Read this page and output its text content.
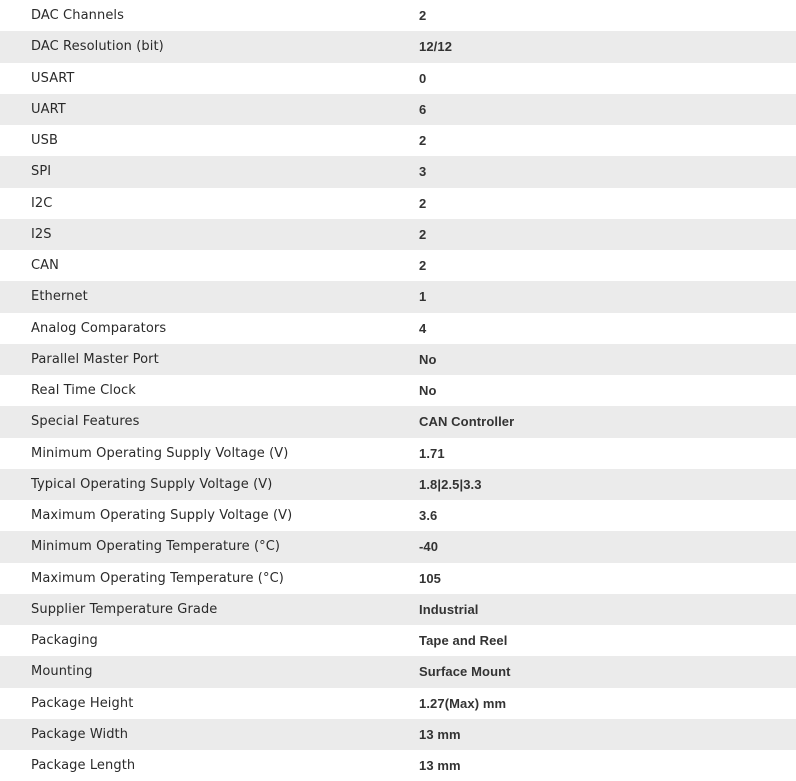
DAC Channels	2
DAC Resolution (bit)	12/12
USART	0
UART	6
USB	2
SPI	3
I2C	2
I2S	2
CAN	2
Ethernet	1
Analog Comparators	4
Parallel Master Port	No
Real Time Clock	No
Special Features	CAN Controller
Minimum Operating Supply Voltage (V)	1.71
Typical Operating Supply Voltage (V)	1.8|2.5|3.3
Maximum Operating Supply Voltage (V)	3.6
Minimum Operating Temperature (°C)	-40
Maximum Operating Temperature (°C)	105
Supplier Temperature Grade	Industrial
Packaging	Tape and Reel
Mounting	Surface Mount
Package Height	1.27(Max) mm
Package Width	13 mm
Package Length	13 mm
